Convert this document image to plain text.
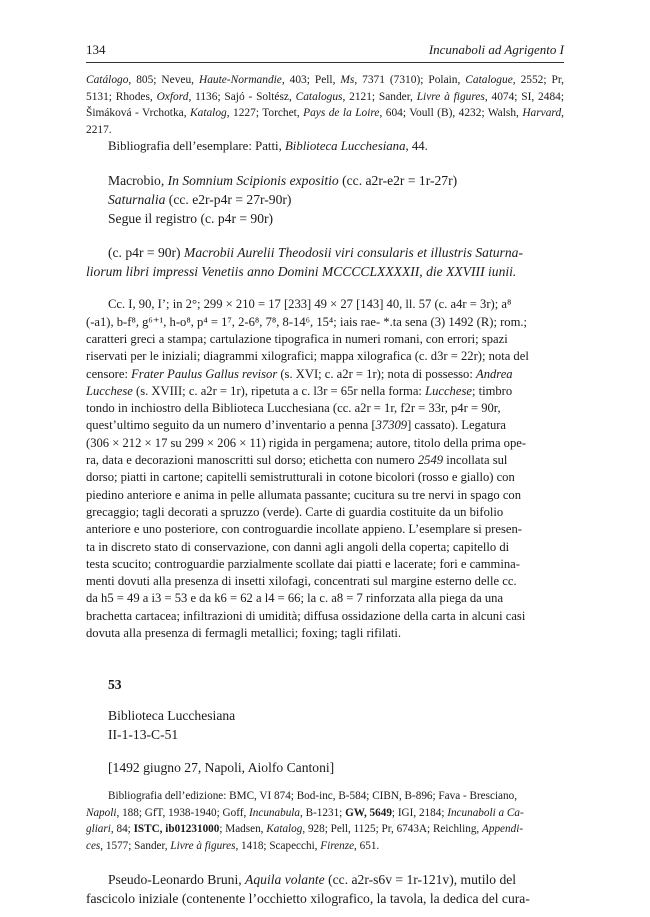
134	Incunaboli ad Agrigento I

Catálogo, 805; Neveu, Haute-Normandie, 403; Pell, Ms, 7371 (7310); Polain, Catalogue, 2552; Pr, 5131; Rhodes, Oxford, 1136; Sajó - Soltész, Catalogus, 2121; Sander, Livre à figures, 4074; SI, 2484; Šimáková - Vrchotka, Katalog, 1227; Torchet, Pays de la Loire, 604; Voull (B), 4232; Walsh, Harvard, 2217.

Bibliografia dell’esemplare: Patti, Biblioteca Lucchesiana, 44.

Macrobio, In Somnium Scipionis expositio (cc. a2r-e2r = 1r-27r)
Saturnalia (cc. e2r-p4r = 27r-90r)
Segue il registro (c. p4r = 90r)
(c. p4r = 90r) Macrobii Aurelii Theodosii viri consularis et illustris Saturna-
liorum libri impressi Venetiis anno Domini MCCCCLXXXXII, die XXVIII iunii.
Cc. I, 90, I’; in 2°; 299 × 210 = 17 [233] 49 × 27 [143] 40, ll. 57 (c. a4r = 3r); a⁸
(-a1), b-f⁸, g⁶⁺¹, h-o⁸, p⁴ = 1⁷, 2-6⁸, 7⁸, 8-14⁶, 15⁴; iais rae- *.ta sena (3) 1492 (R); rom.;
caratteri greci a stampa; cartulazione tipografica in numeri romani, con errori; spazi
riservati per le iniziali; diagrammi xilografici; mappa xilografica (c. d3r = 22r); nota del
censore: Frater Paulus Gallus revisor (s. XVI; c. a2r = 1r); nota di possesso: Andrea
Lucchese (s. XVIII; c. a2r = 1r), ripetuta a c. l3r = 65r nella forma: Lucchese; timbro
tondo in inchiostro della Biblioteca Lucchesiana (cc. a2r = 1r, f2r = 33r, p4r = 90r,
quest’ultimo seguito da un numero d’inventario a penna [37309] cassato). Legatura
(306 × 212 × 17 su 299 × 206 × 11) rigida in pergamena; autore, titolo della prima ope-
ra, data e decorazioni manoscritti sul dorso; etichetta con numero 2549 incollata sul
dorso; piatti in cartone; capitelli semistrutturali in cotone bicolori (rosso e giallo) con
piedino anteriore e anima in pelle allumata passante; cucitura su tre nervi in spago con
grecaggio; tagli decorati a spruzzo (verde). Carte di guardia costituite da un bifolio
anteriore e uno posteriore, con controguardie incollate appieno. L’esemplare si presen-
ta in discreto stato di conservazione, con danni agli angoli della coperta; capitello di
testa scucito; controguardie parzialmente scollate dai piatti e lacerate; fori e cammina-
menti dovuti alla presenza di insetti xilofagi, concentrati sul margine esterno delle cc.
da h5 = 49 a i3 = 53 e da k6 = 62 a l4 = 66; la c. a8 = 7 rinforzata alla piega da una
brachetta cartacea; infiltrazioni di umidità; diffusa ossidazione della carta in alcuni casi
dovuta alla presenza di fermagli metallici; foxing; tagli rifilati.
53
Biblioteca Lucchesiana
II-1-13-C-51
[1492 giugno 27, Napoli, Aiolfo Cantoni]
Bibliografia dell’edizione: BMC, VI 874; Bod-inc, B-584; CIBN, B-896; Fava - Bresciano,
Napoli, 188; GfT, 1938-1940; Goff, Incunabula, B-1231; GW, 5649; IGI, 2184; Incunaboli a Ca-
gliari, 84; ISTC, ib01231000; Madsen, Katalog, 928; Pell, 1125; Pr, 6743A; Reichling, Appendi-
ces, 1577; Sander, Livre à figures, 1418; Scapecchi, Firenze, 651.
Pseudo-Leonardo Bruni, Aquila volante (cc. a2r-s6v = 1r-121v), mutilo del
fascicolo iniziale (contenente l’occhietto xilografico, la tavola, la dedica del cura-
